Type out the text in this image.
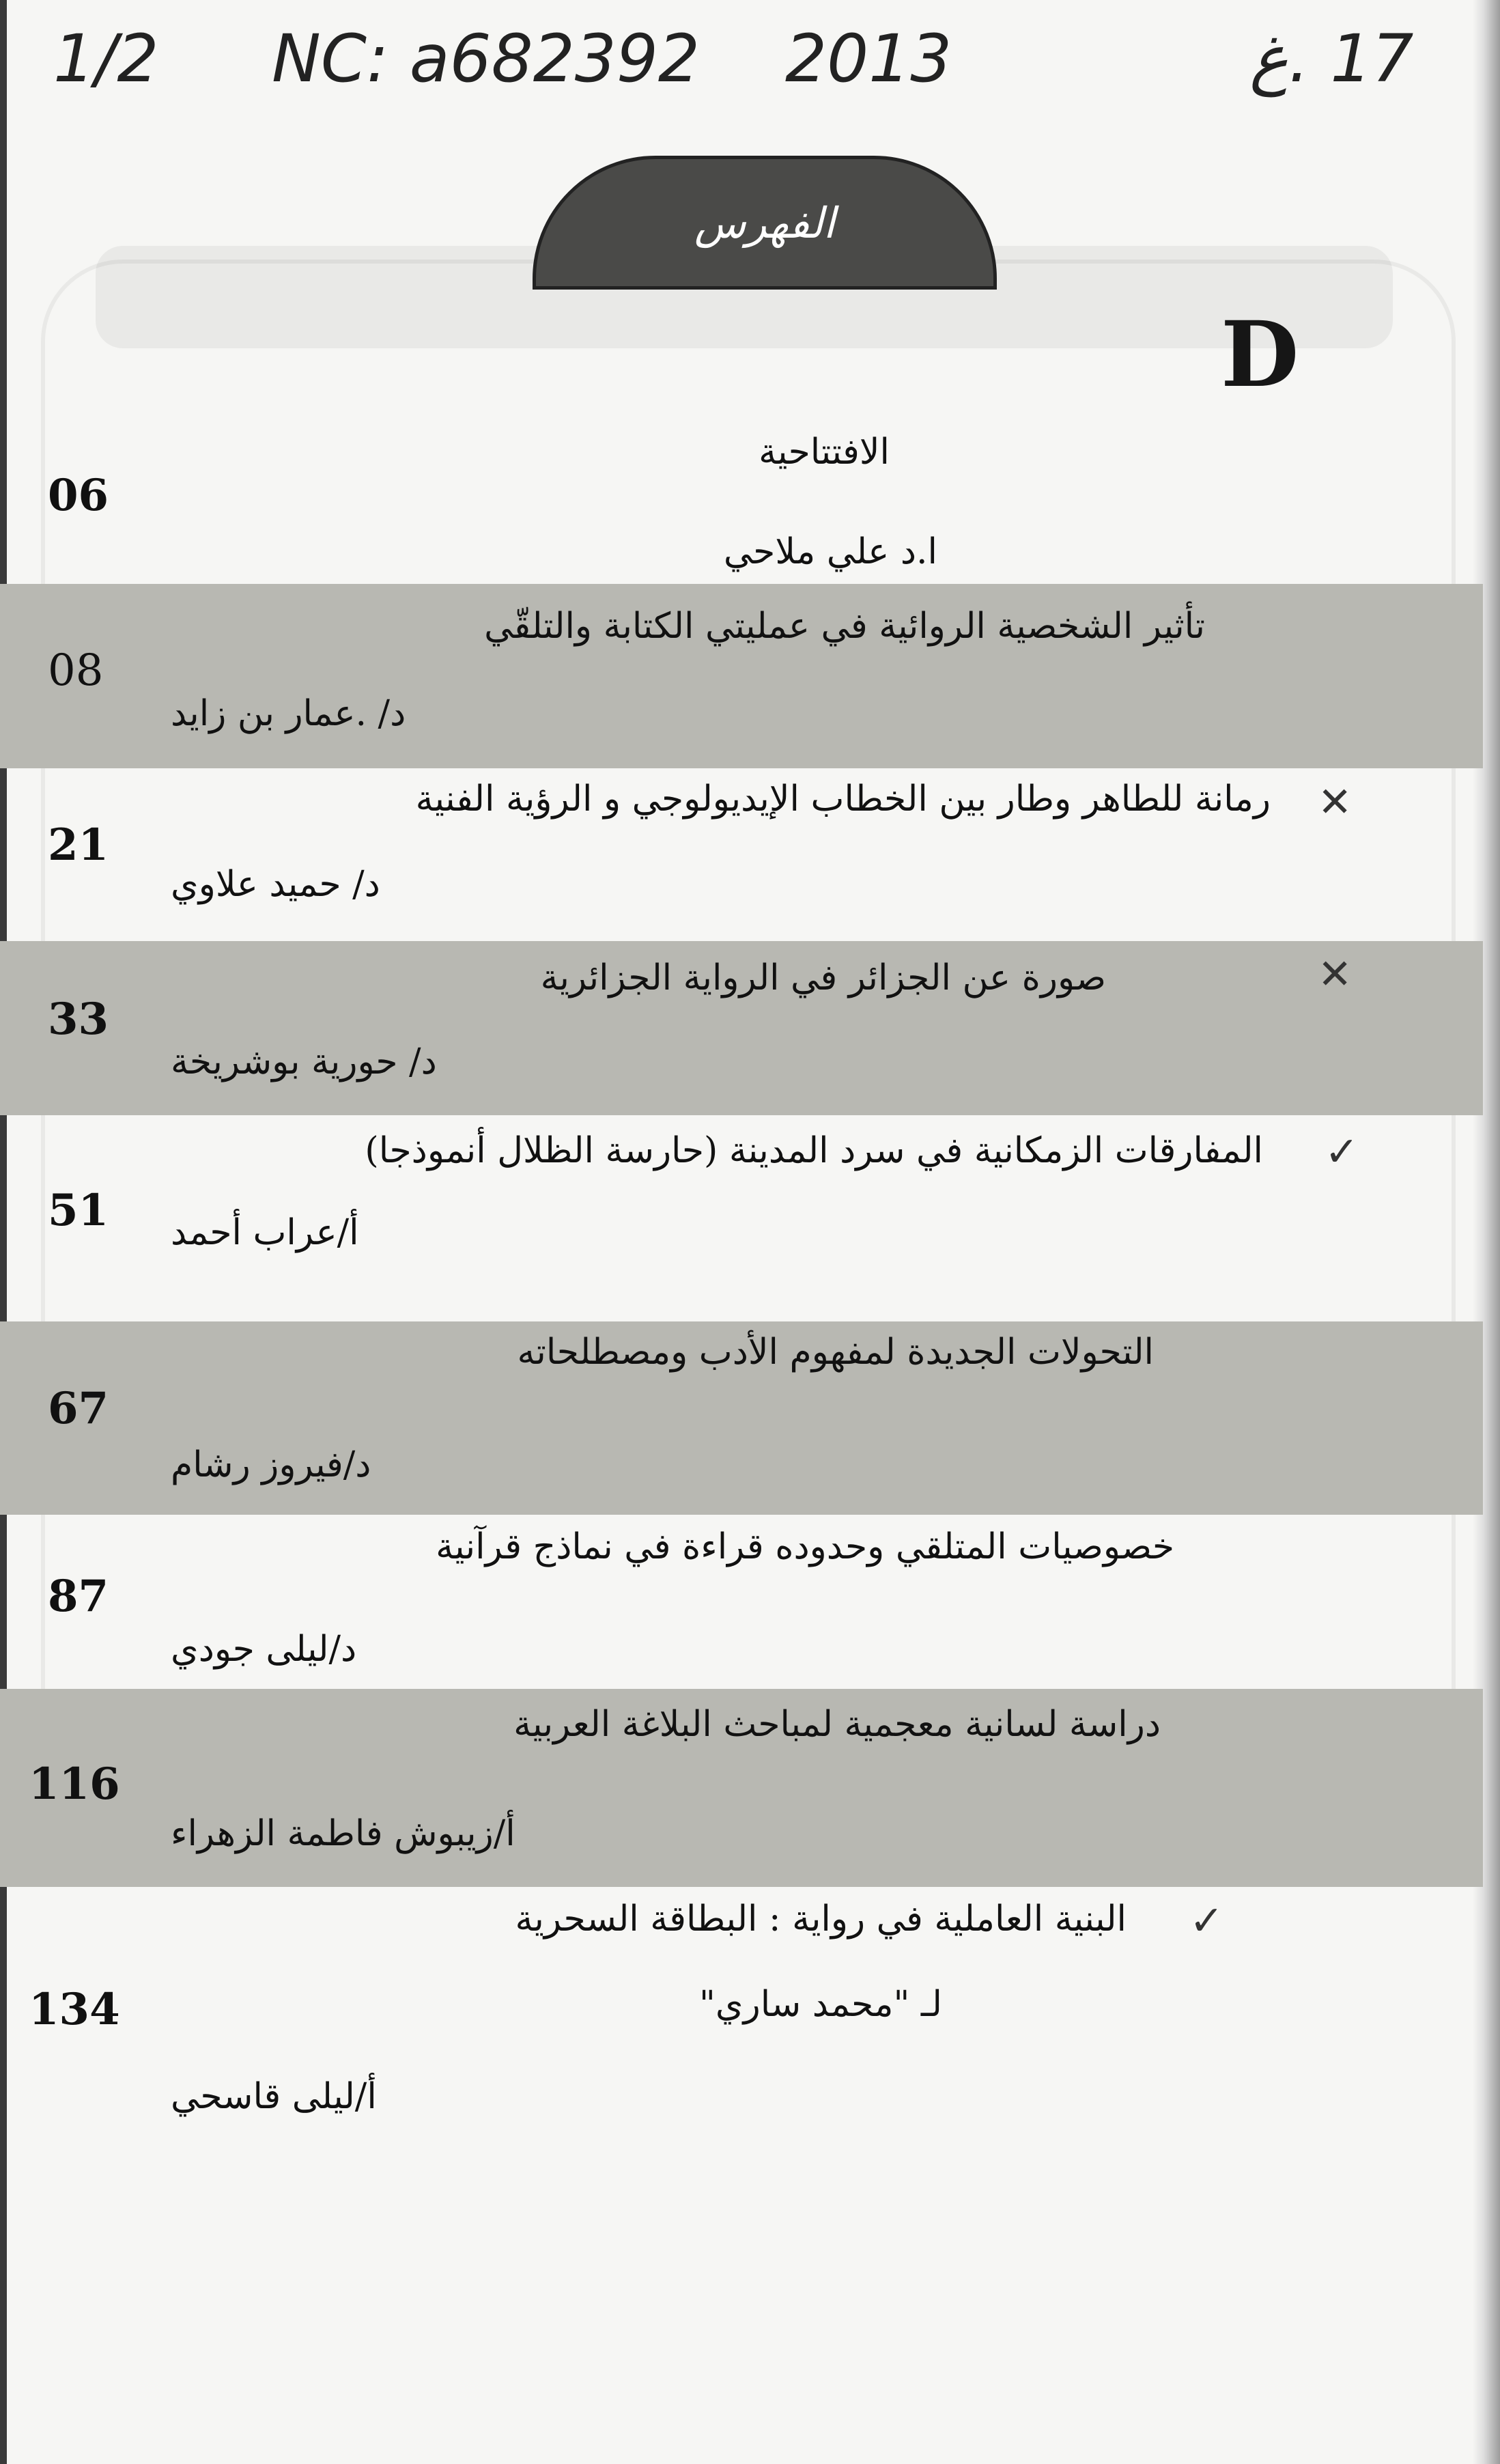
1/2 NC: a682392 2013	17 .غ
الفهرس
D
الافتتاحية
06
ا.د علي ملاحي
تأثير الشخصية الروائية في عمليتي الكتابة والتلقّي
08
د/ .عمار بن زايد
✕
رمانة للطاهر وطار بين الخطاب الإيديولوجي و الرؤية الفنية
21
د/ حميد علاوي
✕
صورة عن الجزائر في الرواية الجزائرية
33
د/ حورية بوشريخة
✓
المفارقات الزمكانية في سرد المدينة (حارسة الظلال أنموذجا)
51 أ/عراب أحمد
التحولات الجديدة لمفهوم الأدب ومصطلحاته
67
د/فيروز رشام
خصوصيات المتلقي وحدوده قراءة في نماذج قرآنية
87
د/ليلى جودي
دراسة لسانية معجمية لمباحث البلاغة العربية
116
أ/زيبوش فاطمة الزهراء
✓
البنية العاملية في رواية : البطاقة السحرية
134	لـ "محمد ساري"
أ/ليلى قاسحي
